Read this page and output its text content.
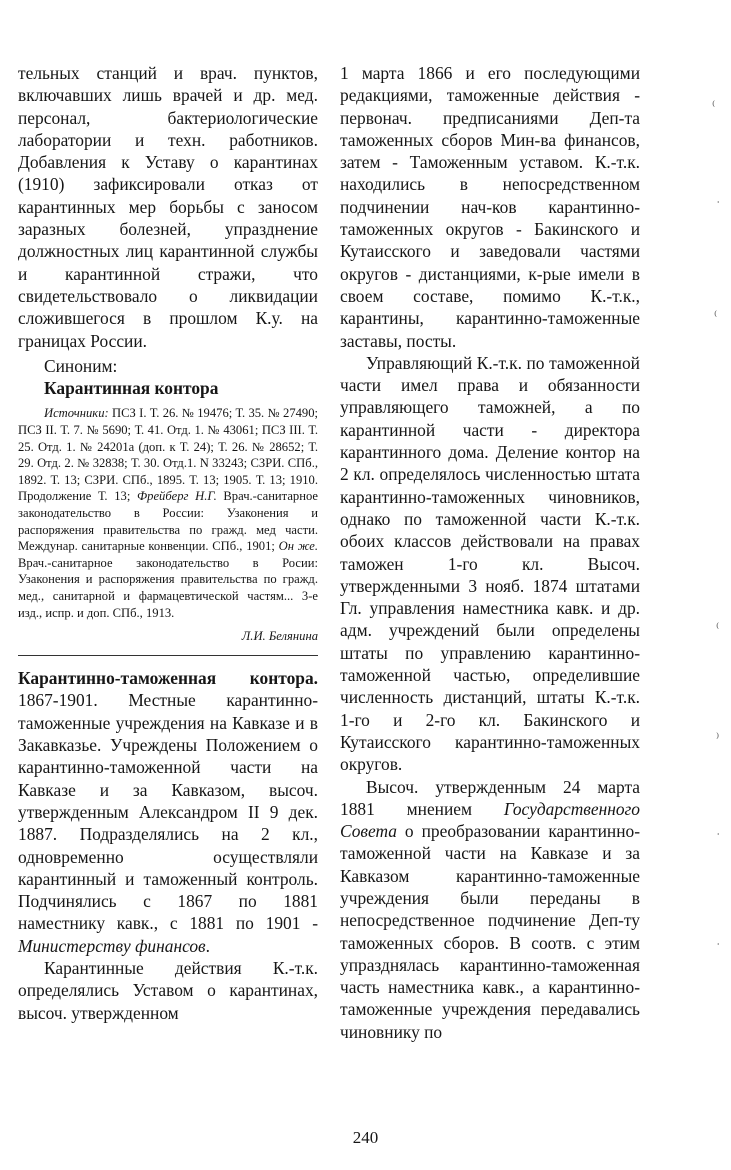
тельных станций и врач. пунктов, включавших лишь врачей и др. мед. персонал, бактериологические лаборатории и техн. работников. Добавления к Уставу о карантинах (1910) зафиксировали отказ от карантинных мер борьбы с заносом заразных болезней, упразднение должностных лиц карантинной службы и карантинной стражи, что свидетельствовало о ликвидации сложившегося в прошлом К.у. на границах России.

Синоним:

Карантинная контора

Источники: ПСЗ I. Т. 26. № 19476; Т. 35. № 27490; ПСЗ II. Т. 7. № 5690; Т. 41. Отд. 1. № 43061; ПСЗ III. Т. 25. Отд. 1. № 24201а (доп. к Т. 24); Т. 26. № 28652; Т. 29. Отд. 2. № 32838; Т. 30. Отд.1. N 33243; СЗРИ. СПб., 1892. Т. 13; СЗРИ. СПб., 1895. Т. 13; 1905. Т. 13; 1910. Продолжение Т. 13; Фрейберг Н.Г. Врач.-санитарное законодательство в России: Узаконения и распоряжения правительства по гражд. мед части. Междунар. санитарные конвенции. СПб., 1901; Он же. Врач.-санитарное законодательство в Росии: Узаконения и распоряжения правительства по гражд. мед., санитарной и фармацевтической частям... 3-е изд., испр. и доп. СПб., 1913.

Л.И. Белянина

Карантинно-таможенная контора. 1867-1901. Местные карантинно-таможенные учреждения на Кавказе и в Закавказье. Учреждены Положением о карантинно-таможенной части на Кавказе и за Кавказом, высоч. утвержденным Александром II 9 дек. 1887. Подразделялись на 2 кл., одновременно осуществляли карантинный и таможенный контроль. Подчинялись с 1867 по 1881 наместнику кавк., с 1881 по 1901 - Министерству финансов.

Карантинные действия К.-т.к. определялись Уставом о карантинах, высоч. утвержденном

1 марта 1866 и его последующими редакциями, таможенные действия - первонач. предписаниями Деп-та таможенных сборов Мин-ва финансов, затем - Таможенным уставом. К.-т.к. находились в непосредственном подчинении нач-ков карантинно-таможенных округов - Бакинского и Кутаисского и заведовали частями округов - дистанциями, к-рые имели в своем составе, помимо К.-т.к., карантины, карантинно-таможенные заставы, посты.

Управляющий К.-т.к. по таможенной части имел права и обязанности управляющего таможней, а по карантинной части - директора карантинного дома. Деление контор на 2 кл. определялось численностью штата карантинно-таможенных чиновников, однако по таможенной части К.-т.к. обоих классов действовали на правах таможен 1-го кл. Высоч. утвержденными 3 нояб. 1874 штатами Гл. управления наместника кавк. и др. адм. учреждений были определены штаты по управлению карантинно-таможенной частью, определившие численность дистанций, штаты К.-т.к. 1-го и 2-го кл. Бакинского и Кутаисского карантинно-таможенных округов.

Высоч. утвержденным 24 марта 1881 мнением Государственного Совета о преобразовании карантинно-таможенной части на Кавказе и за Кавказом карантинно-таможенные учреждения были переданы в непосредственное подчинение Деп-ту таможенных сборов. В соотв. с этим упразднялась карантинно-таможенная часть наместника кавк., а карантинно-таможенные учреждения передавались чиновнику по

240
⁽
ˈ
⁽
⁽
⁾
ˈ
ˈ
